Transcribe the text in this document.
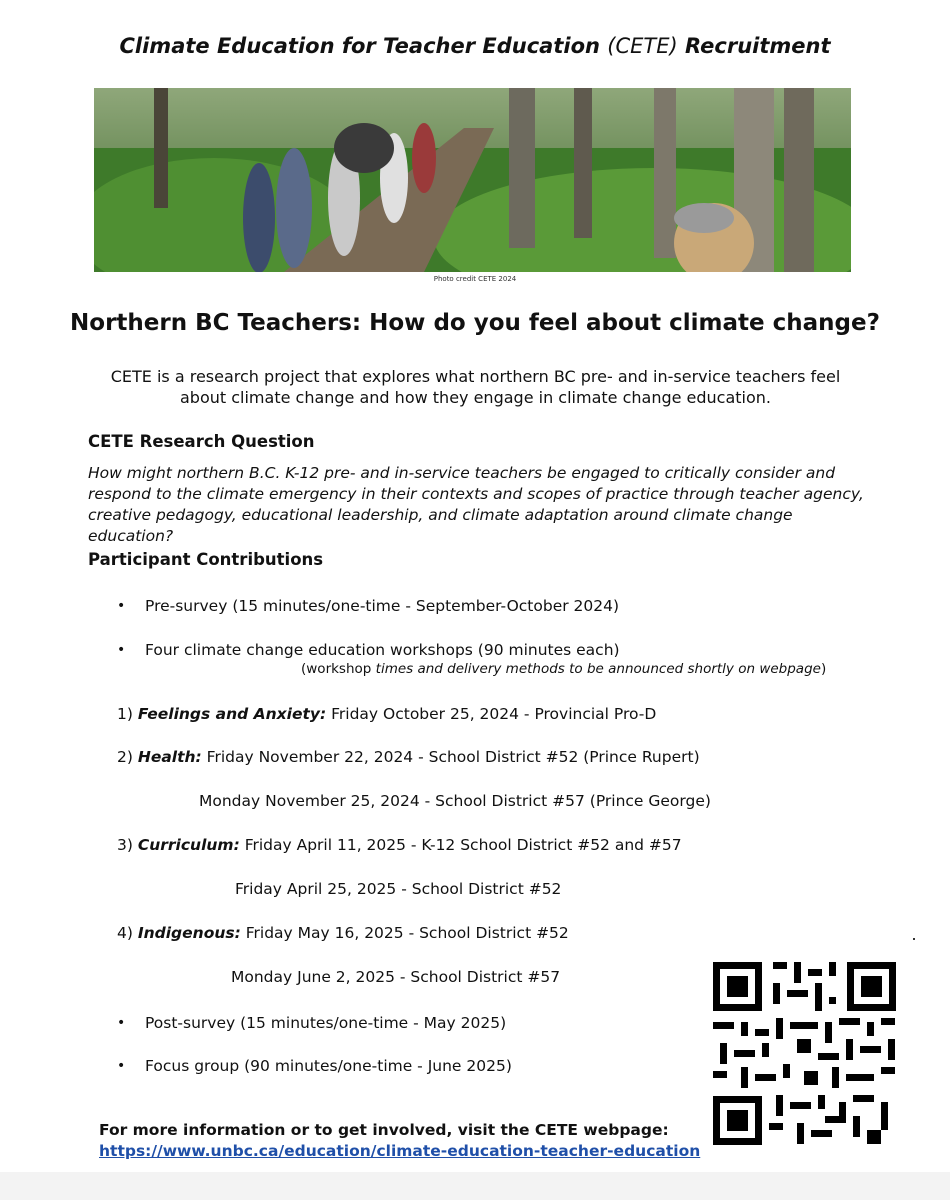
Climate Education for Teacher Education (CETE) Recruitment
Photo credit CETE 2024
Northern BC Teachers: How do you feel about climate change?
CETE is a research project that explores what northern BC pre- and in-service teachers feel about climate change and how they engage in climate change education.
CETE Research Question
How might northern B.C. K-12 pre- and in-service teachers be engaged to critically consider and respond to the climate emergency in their contexts and scopes of practice through teacher agency, creative pedagogy, educational leadership, and climate adaptation around climate change education?
Participant Contributions
• Pre-survey (15 minutes/one-time - September-October 2024)
• Four climate change education workshops (90 minutes each)
(workshop times and delivery methods to be announced shortly on webpage)
1) Feelings and Anxiety: Friday October 25, 2024 - Provincial Pro-D
2) Health: Friday November 22, 2024 - School District #52 (Prince Rupert)
Monday November 25, 2024 - School District #57 (Prince George)
3) Curriculum: Friday April 11, 2025 - K-12 School District #52 and #57
Friday April 25, 2025 - School District #52
4) Indigenous: Friday May 16, 2025 - School District #52
Monday June 2, 2025 - School District #57
• Post-survey (15 minutes/one-time - May 2025)
• Focus group (90 minutes/one-time - June 2025)
For more information or to get involved, visit the CETE webpage:
https://www.unbc.ca/education/climate-education-teacher-education
